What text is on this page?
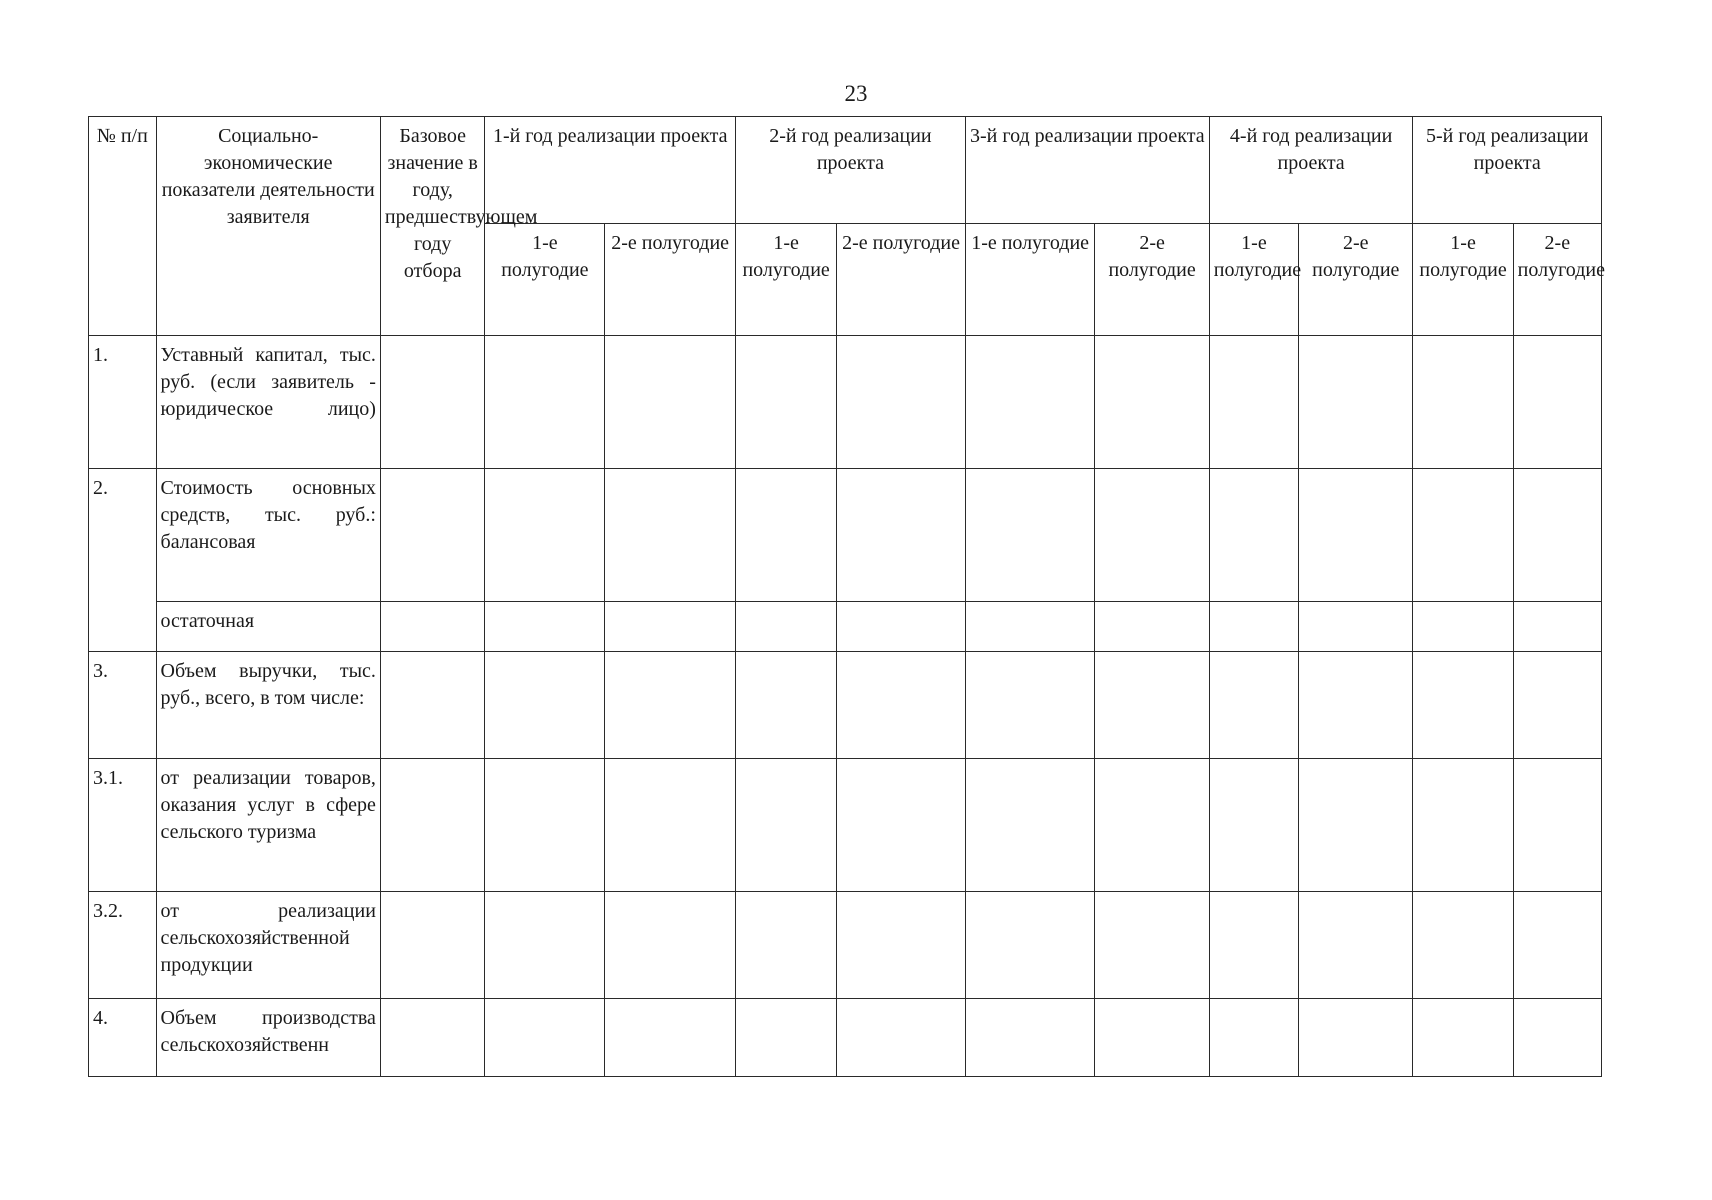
23
№ п/п	Социально-экономические показатели деятельности заявителя	Базовое значение в году, предшествующем году отбора	1-й год реализации проекта		2-й год реализации проекта		3-й год реализации проекта		4-й год реализации проекта		5-й год реализации проекта	
			1-е полугодие	2-е полугодие	1-е полугодие	2-е полугодие	1-е полугодие	2-е полугодие	1-е полугодие	2-е полугодие	1-е полугодие	2-е полугодие
1.	Уставный капитал, тыс. руб. (если заявитель - юридическое лицо)											
2.	Стоимость основных средств, тыс. руб.: балансовая											
	остаточная											
3.	Объем выручки, тыс. руб., всего, в том числе:											
3.1.	от реализации товаров, оказания услуг в сфере сельского туризма											
3.2.	от реализации сельскохозяйственной продукции											
4.	Объем производства сельскохозяйственн											
